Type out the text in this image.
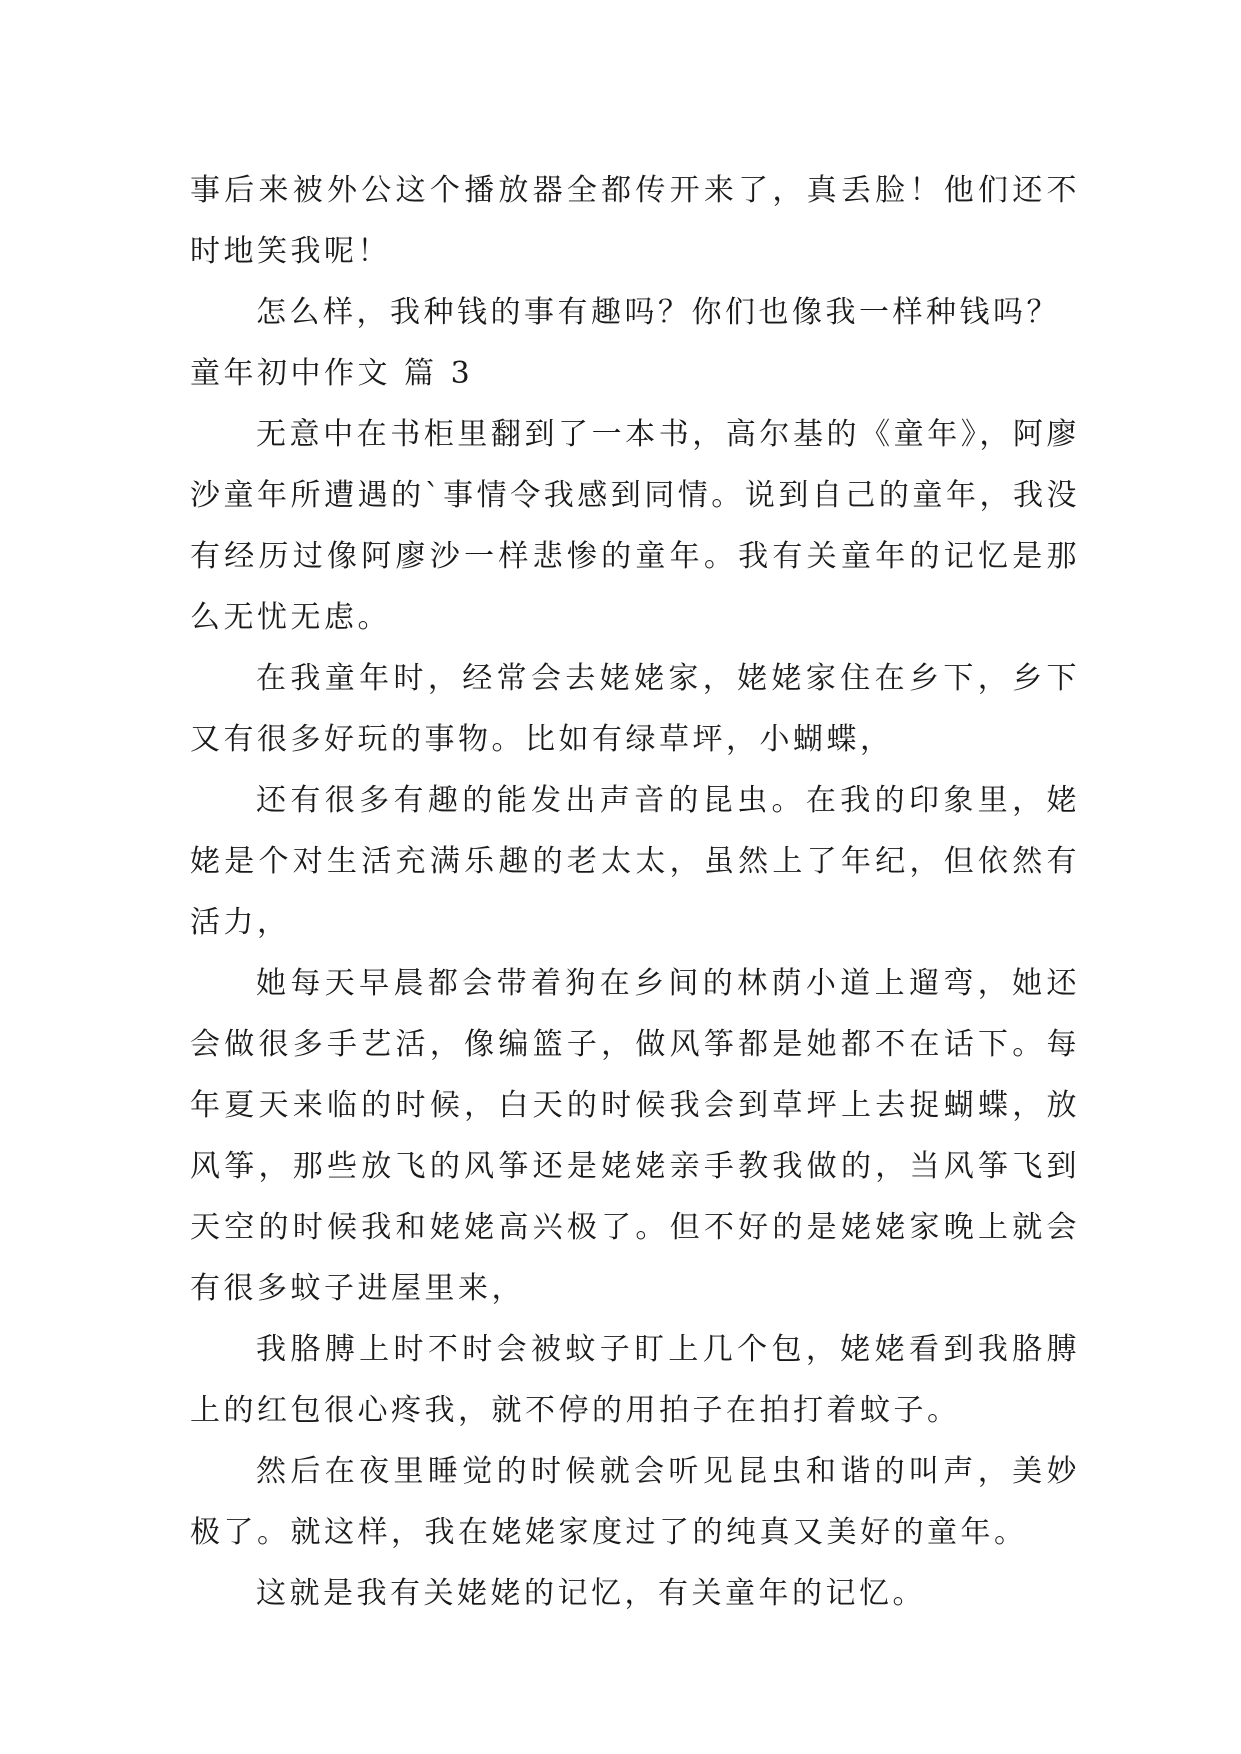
事后来被外公这个播放器全都传开来了，真丢脸！他们还不时地笑我呢！

怎么样，我种钱的事有趣吗？你们也像我一样种钱吗？

童年初中作文 篇 3

无意中在书柜里翻到了一本书，高尔基的《童年》，阿廖沙童年所遭遇的`事情令我感到同情。说到自己的童年，我没有经历过像阿廖沙一样悲惨的童年。我有关童年的记忆是那么无忧无虑。

在我童年时，经常会去姥姥家，姥姥家住在乡下，乡下又有很多好玩的事物。比如有绿草坪，小蝴蝶，

还有很多有趣的能发出声音的昆虫。在我的印象里，姥姥是个对生活充满乐趣的老太太，虽然上了年纪，但依然有活力，

她每天早晨都会带着狗在乡间的林荫小道上遛弯，她还会做很多手艺活，像编篮子，做风筝都是她都不在话下。每年夏天来临的时候，白天的时候我会到草坪上去捉蝴蝶，放风筝，那些放飞的风筝还是姥姥亲手教我做的，当风筝飞到天空的时候我和姥姥高兴极了。但不好的是姥姥家晚上就会有很多蚊子进屋里来，

我胳膊上时不时会被蚊子盯上几个包，姥姥看到我胳膊上的红包很心疼我，就不停的用拍子在拍打着蚊子。

然后在夜里睡觉的时候就会听见昆虫和谐的叫声，美妙极了。就这样，我在姥姥家度过了的纯真又美好的童年。

这就是我有关姥姥的记忆，有关童年的记忆。
